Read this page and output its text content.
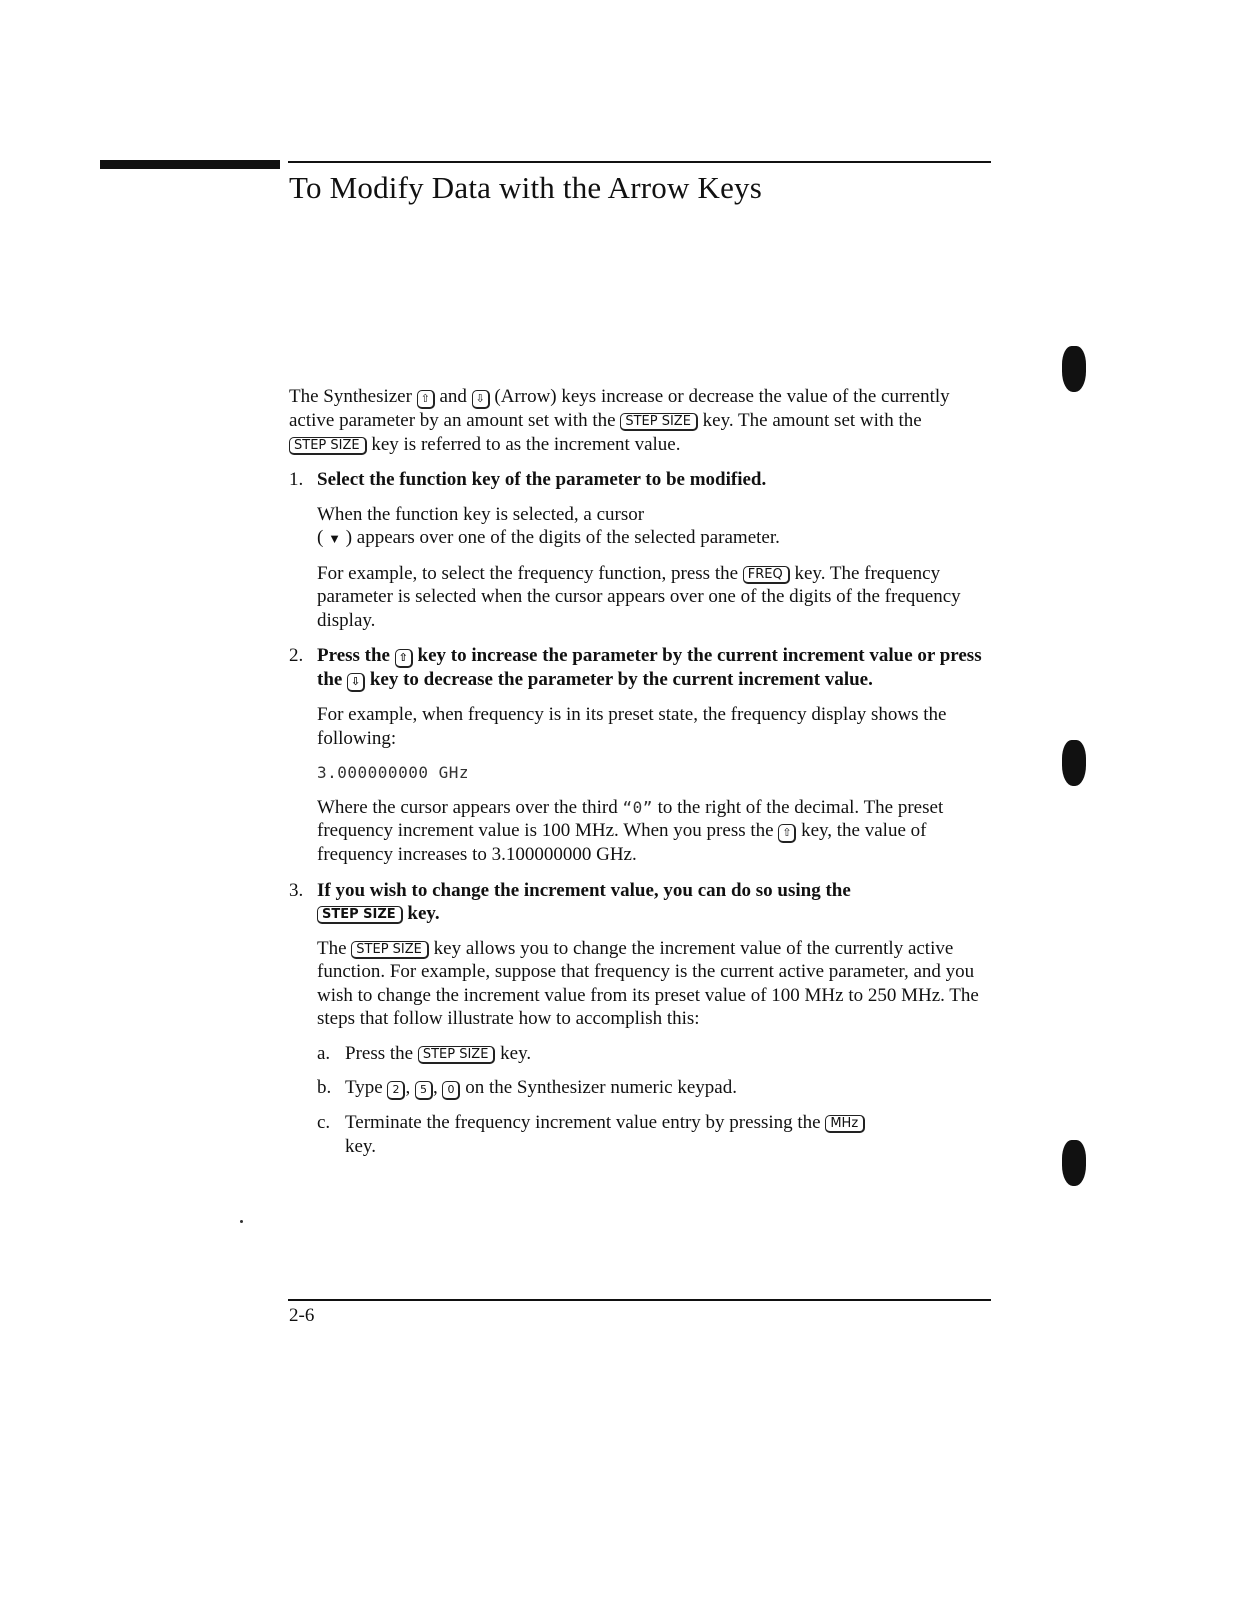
To Modify Data with the Arrow Keys

The Synthesizer ⇧ and ⇩ (Arrow) keys increase or decrease the value of the currently active parameter by an amount set with the STEP SIZE key. The amount set with the STEP SIZE key is referred to as the increment value.

1. Select the function key of the parameter to be modified.

When the function key is selected, a cursor
( ▼ ) appears over one of the digits of the selected parameter.

For example, to select the frequency function, press the FREQ key. The frequency parameter is selected when the cursor appears over one of the digits of the frequency display.

2. Press the ⇧ key to increase the parameter by the current increment value or press the ⇩ key to decrease the parameter by the current increment value.

For example, when frequency is in its preset state, the frequency display shows the following:

3.000000000 GHz

Where the cursor appears over the third “0” to the right of the decimal. The preset frequency increment value is 100 MHz. When you press the ⇧ key, the value of frequency increases to 3.100000000 GHz.

3. If you wish to change the increment value, you can do so using the
STEP SIZE key.

The STEP SIZE key allows you to change the increment value of the currently active function. For example, suppose that frequency is the current active parameter, and you wish to change the increment value from its preset value of 100 MHz to 250 MHz. The steps that follow illustrate how to accomplish this:

a. Press the STEP SIZE key.
b. Type 2 , 5 , 0 on the Synthesizer numeric keypad.
c. Terminate the frequency increment value entry by pressing the MHz
key.
2-6
